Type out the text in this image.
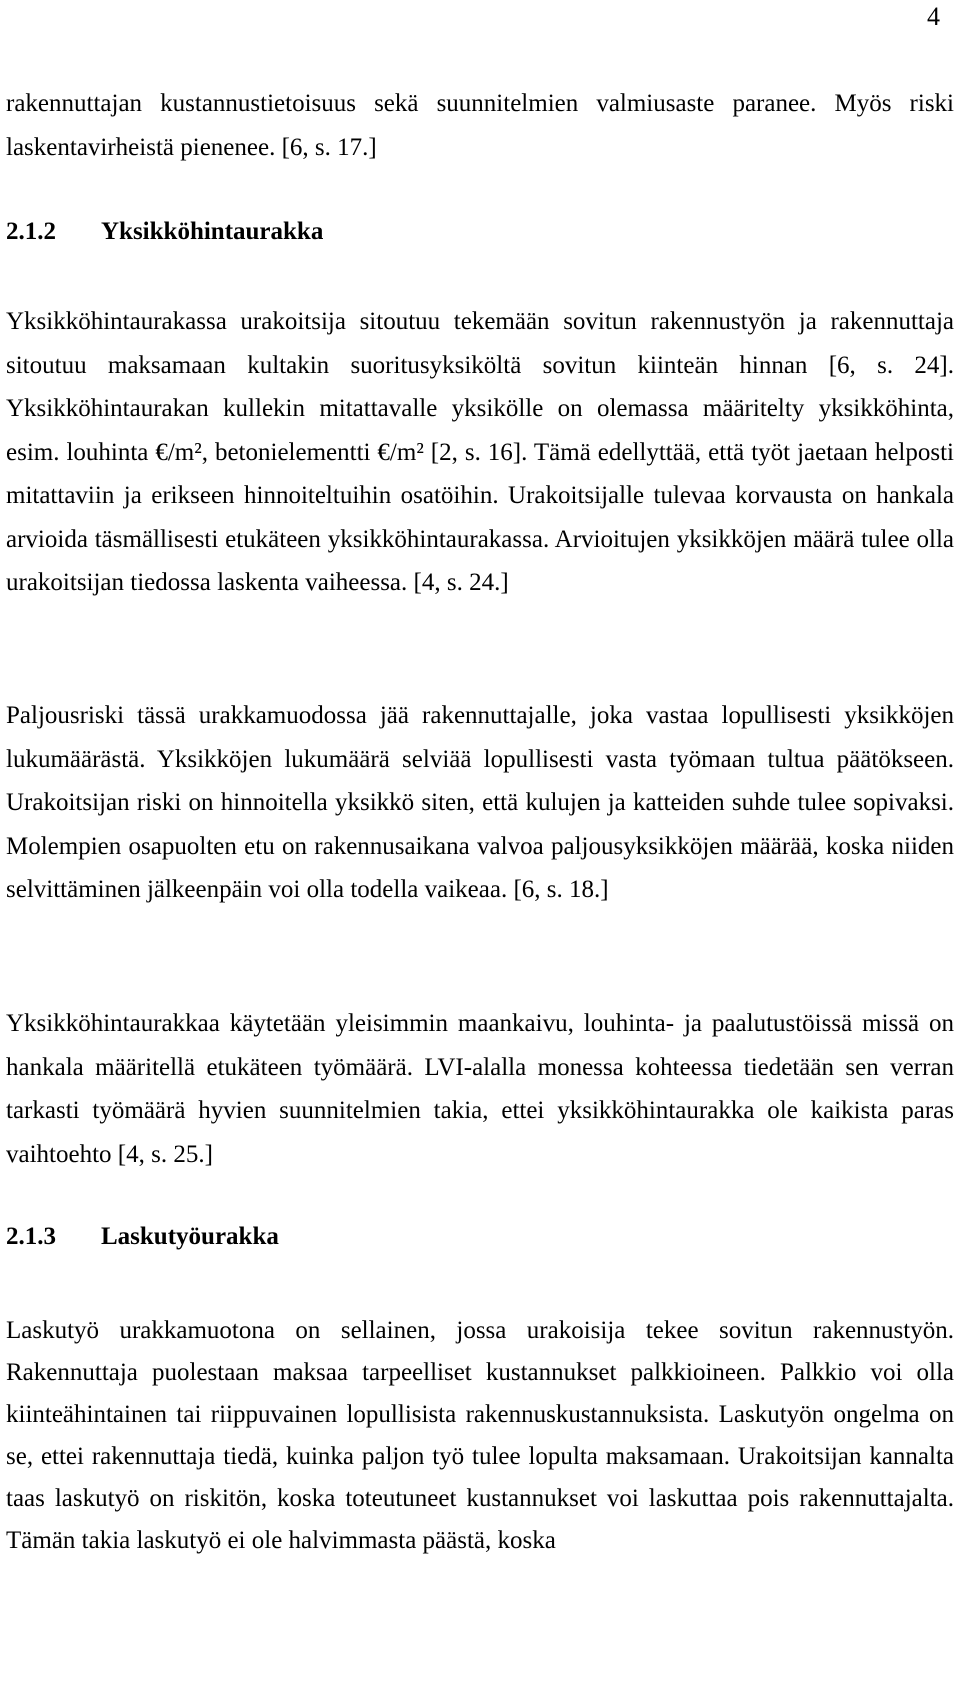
4

rakennuttajan kustannustietoisuus sekä suunnitelmien valmiusaste paranee. Myös riski laskentavirheistä pienenee. [6, s. 17.]

2.1.2 Yksikköhintaurakka

Yksikköhintaurakassa urakoitsija sitoutuu tekemään sovitun rakennustyön ja rakennuttaja sitoutuu maksamaan kultakin suoritusyksiköltä sovitun kiinteän hinnan [6, s. 24]. Yksikköhintaurakan kullekin mitattavalle yksikölle on olemassa määritelty yksikköhinta, esim. louhinta €/m², betonielementti €/m² [2, s. 16]. Tämä edellyttää, että työt jaetaan helposti mitattaviin ja erikseen hinnoiteltuihin osatöihin. Urakoitsijalle tulevaa korvausta on hankala arvioida täsmällisesti etukäteen yksikköhintaurakassa. Arvioitujen yksikköjen määrä tulee olla urakoitsijan tiedossa laskenta vaiheessa. [4, s. 24.]

Paljousriski tässä urakkamuodossa jää rakennuttajalle, joka vastaa lopullisesti yksikköjen lukumäärästä. Yksikköjen lukumäärä selviää lopullisesti vasta työmaan tultua päätökseen. Urakoitsijan riski on hinnoitella yksikkö siten, että kulujen ja katteiden suhde tulee sopivaksi. Molempien osapuolten etu on rakennusaikana valvoa paljousyksikköjen määrää, koska niiden selvittäminen jälkeenpäin voi olla todella vaikeaa. [6, s. 18.]

Yksikköhintaurakkaa käytetään yleisimmin maankaivu, louhinta- ja paalutustöissä missä on hankala määritellä etukäteen työmäärä. LVI-alalla monessa kohteessa tiedetään sen verran tarkasti työmäärä hyvien suunnitelmien takia, ettei yksikköhintaurakka ole kaikista paras vaihtoehto [4, s. 25.]

2.1.3 Laskutyöurakka

Laskutyö urakkamuotona on sellainen, jossa urakoisija tekee sovitun rakennustyön. Rakennuttaja puolestaan maksaa tarpeelliset kustannukset palkkioineen. Palkkio voi olla kiinteähintainen tai riippuvainen lopullisista rakennuskustannuksista. Laskutyön ongelma on se, ettei rakennuttaja tiedä, kuinka paljon työ tulee lopulta maksamaan. Urakoitsijan kannalta taas laskutyö on riskitön, koska toteutuneet kustannukset voi laskuttaa pois rakennuttajalta. Tämän takia laskutyö ei ole halvimmasta päästä, koska
